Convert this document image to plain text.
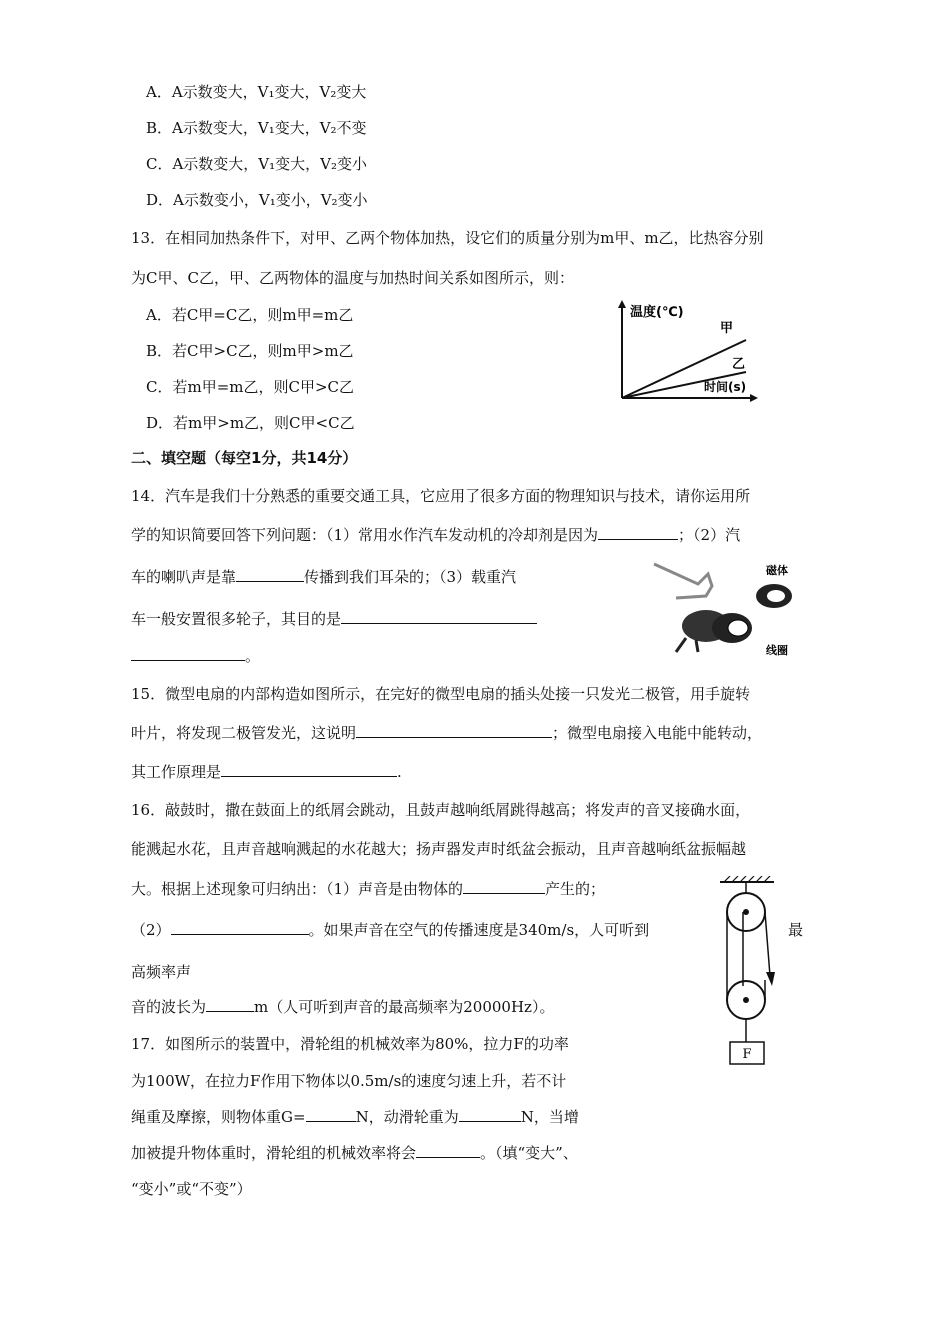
A．A示数变大，V₁变大，V₂变大
B．A示数变大，V₁变大，V₂不变
C．A示数变大，V₁变大，V₂变小
D．A示数变小，V₁变小，V₂变小
13．在相同加热条件下，对甲、乙两个物体加热，设它们的质量分别为m甲、m乙，比热容分别
为C甲、C乙，甲、乙两物体的温度与加热时间关系如图所示，则：
A．若C甲=C乙，则m甲=m乙
B．若C甲>C乙，则m甲>m乙
C．若m甲=m乙，则C甲>C乙
D．若m甲>m乙，则C甲<C乙
温度(℃)
甲
乙
时间(s)
二、填空题（每空1分，共14分）
14．汽车是我们十分熟悉的重要交通工具，它应用了很多方面的物理知识与技术，请你运用所
学的知识简要回答下列问题：（1）常用水作汽车发动机的冷却剂是因为	；（2）汽
车的喇叭声是靠	传播到我们耳朵的；（3）载重汽
车一般安置很多轮子，其目的是
。
磁体
线圈
15．微型电扇的内部构造如图所示，在完好的微型电扇的插头处接一只发光二极管，用手旋转
叶片，将发现二极管发光，这说明	；微型电扇接入电能中能转动，
其工作原理是	.
16．敲鼓时，撒在鼓面上的纸屑会跳动，且鼓声越响纸屑跳得越高；将发声的音叉接确水面，
能溅起水花，且声音越响溅起的水花越大；扬声器发声时纸盆会振动，且声音越响纸盆振幅越
大。根据上述现象可归纳出：（1）声音是由物体的	产生的；
（2）	。如果声音在空气的传播速度是340m/s，人可听到	最
高频率声
音的波长为	m（人可听到声音的最高频率为20000Hz）。
17．如图所示的装置中，滑轮组的机械效率为80%，拉力F的功率
为100W，在拉力F作用下物体以0.5m/s的速度匀速上升，若不计
绳重及摩擦，则物体重G=	N，动滑轮重为	N，当增
加被提升物体重时，滑轮组的机械效率将会	。（填“变大”、
“变小”或“不变”）
F
